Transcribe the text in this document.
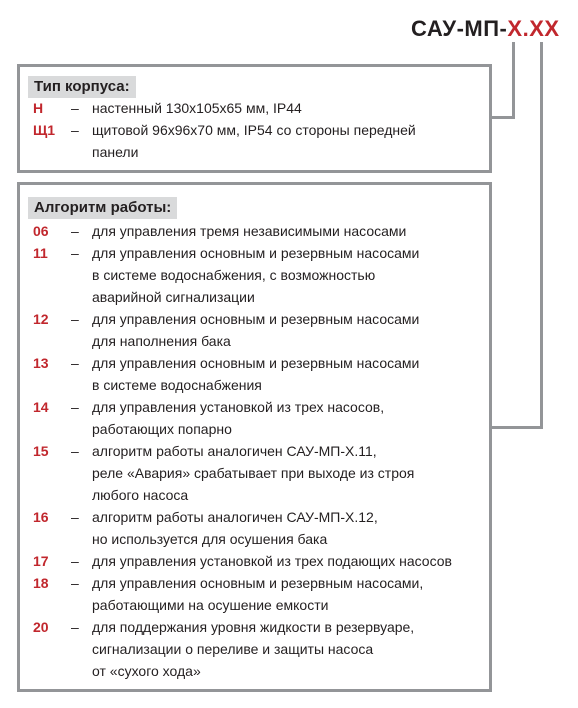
САУ-МП-Х.ХХ
Тип корпуса:
Н – настенный 130х105х65 мм, IP44
Щ1 – щитовой 96х96х70 мм, IP54 со стороны передней
панели
Алгоритм работы:
06 – для управления тремя независимыми насосами
11 – для управления основным и резервным насосами
в системе водоснабжения, с возможностью
аварийной сигнализации
12 – для управления основным и резервным насосами
для наполнения бака
13 – для управления основным и резервным насосами
в системе водоснабжения
14 – для управления установкой из трех насосов,
работающих попарно
15 – алгоритм работы аналогичен САУ-МП-Х.11,
реле «Авария» срабатывает при выходе из строя
любого насоса
16 – алгоритм работы аналогичен САУ-МП-Х.12,
но используется для осушения бака
17 – для управления установкой из трех подающих насосов
18 – для управления основным и резервным насосами,
работающими на осушение емкости
20 – для поддержания уровня жидкости в резервуаре,
сигнализации о переливе и защиты насоса
от «сухого хода»
